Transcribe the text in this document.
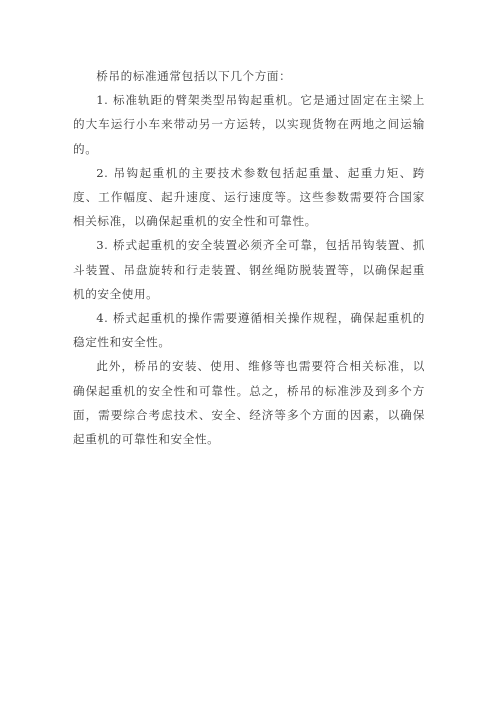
桥吊的标准通常包括以下几个方面：

1. 标准轨距的臂架类型吊钩起重机。它是通过固定在主梁上的大车运行小车来带动另一方运转，以实现货物在两地之间运输的。

2. 吊钩起重机的主要技术参数包括起重量、起重力矩、跨度、工作幅度、起升速度、运行速度等。这些参数需要符合国家相关标准，以确保起重机的安全性和可靠性。

3. 桥式起重机的安全装置必须齐全可靠，包括吊钩装置、抓斗装置、吊盘旋转和行走装置、钢丝绳防脱装置等，以确保起重机的安全使用。

4. 桥式起重机的操作需要遵循相关操作规程，确保起重机的稳定性和安全性。

此外，桥吊的安装、使用、维修等也需要符合相关标准，以确保起重机的安全性和可靠性。总之，桥吊的标准涉及到多个方面，需要综合考虑技术、安全、经济等多个方面的因素，以确保起重机的可靠性和安全性。
